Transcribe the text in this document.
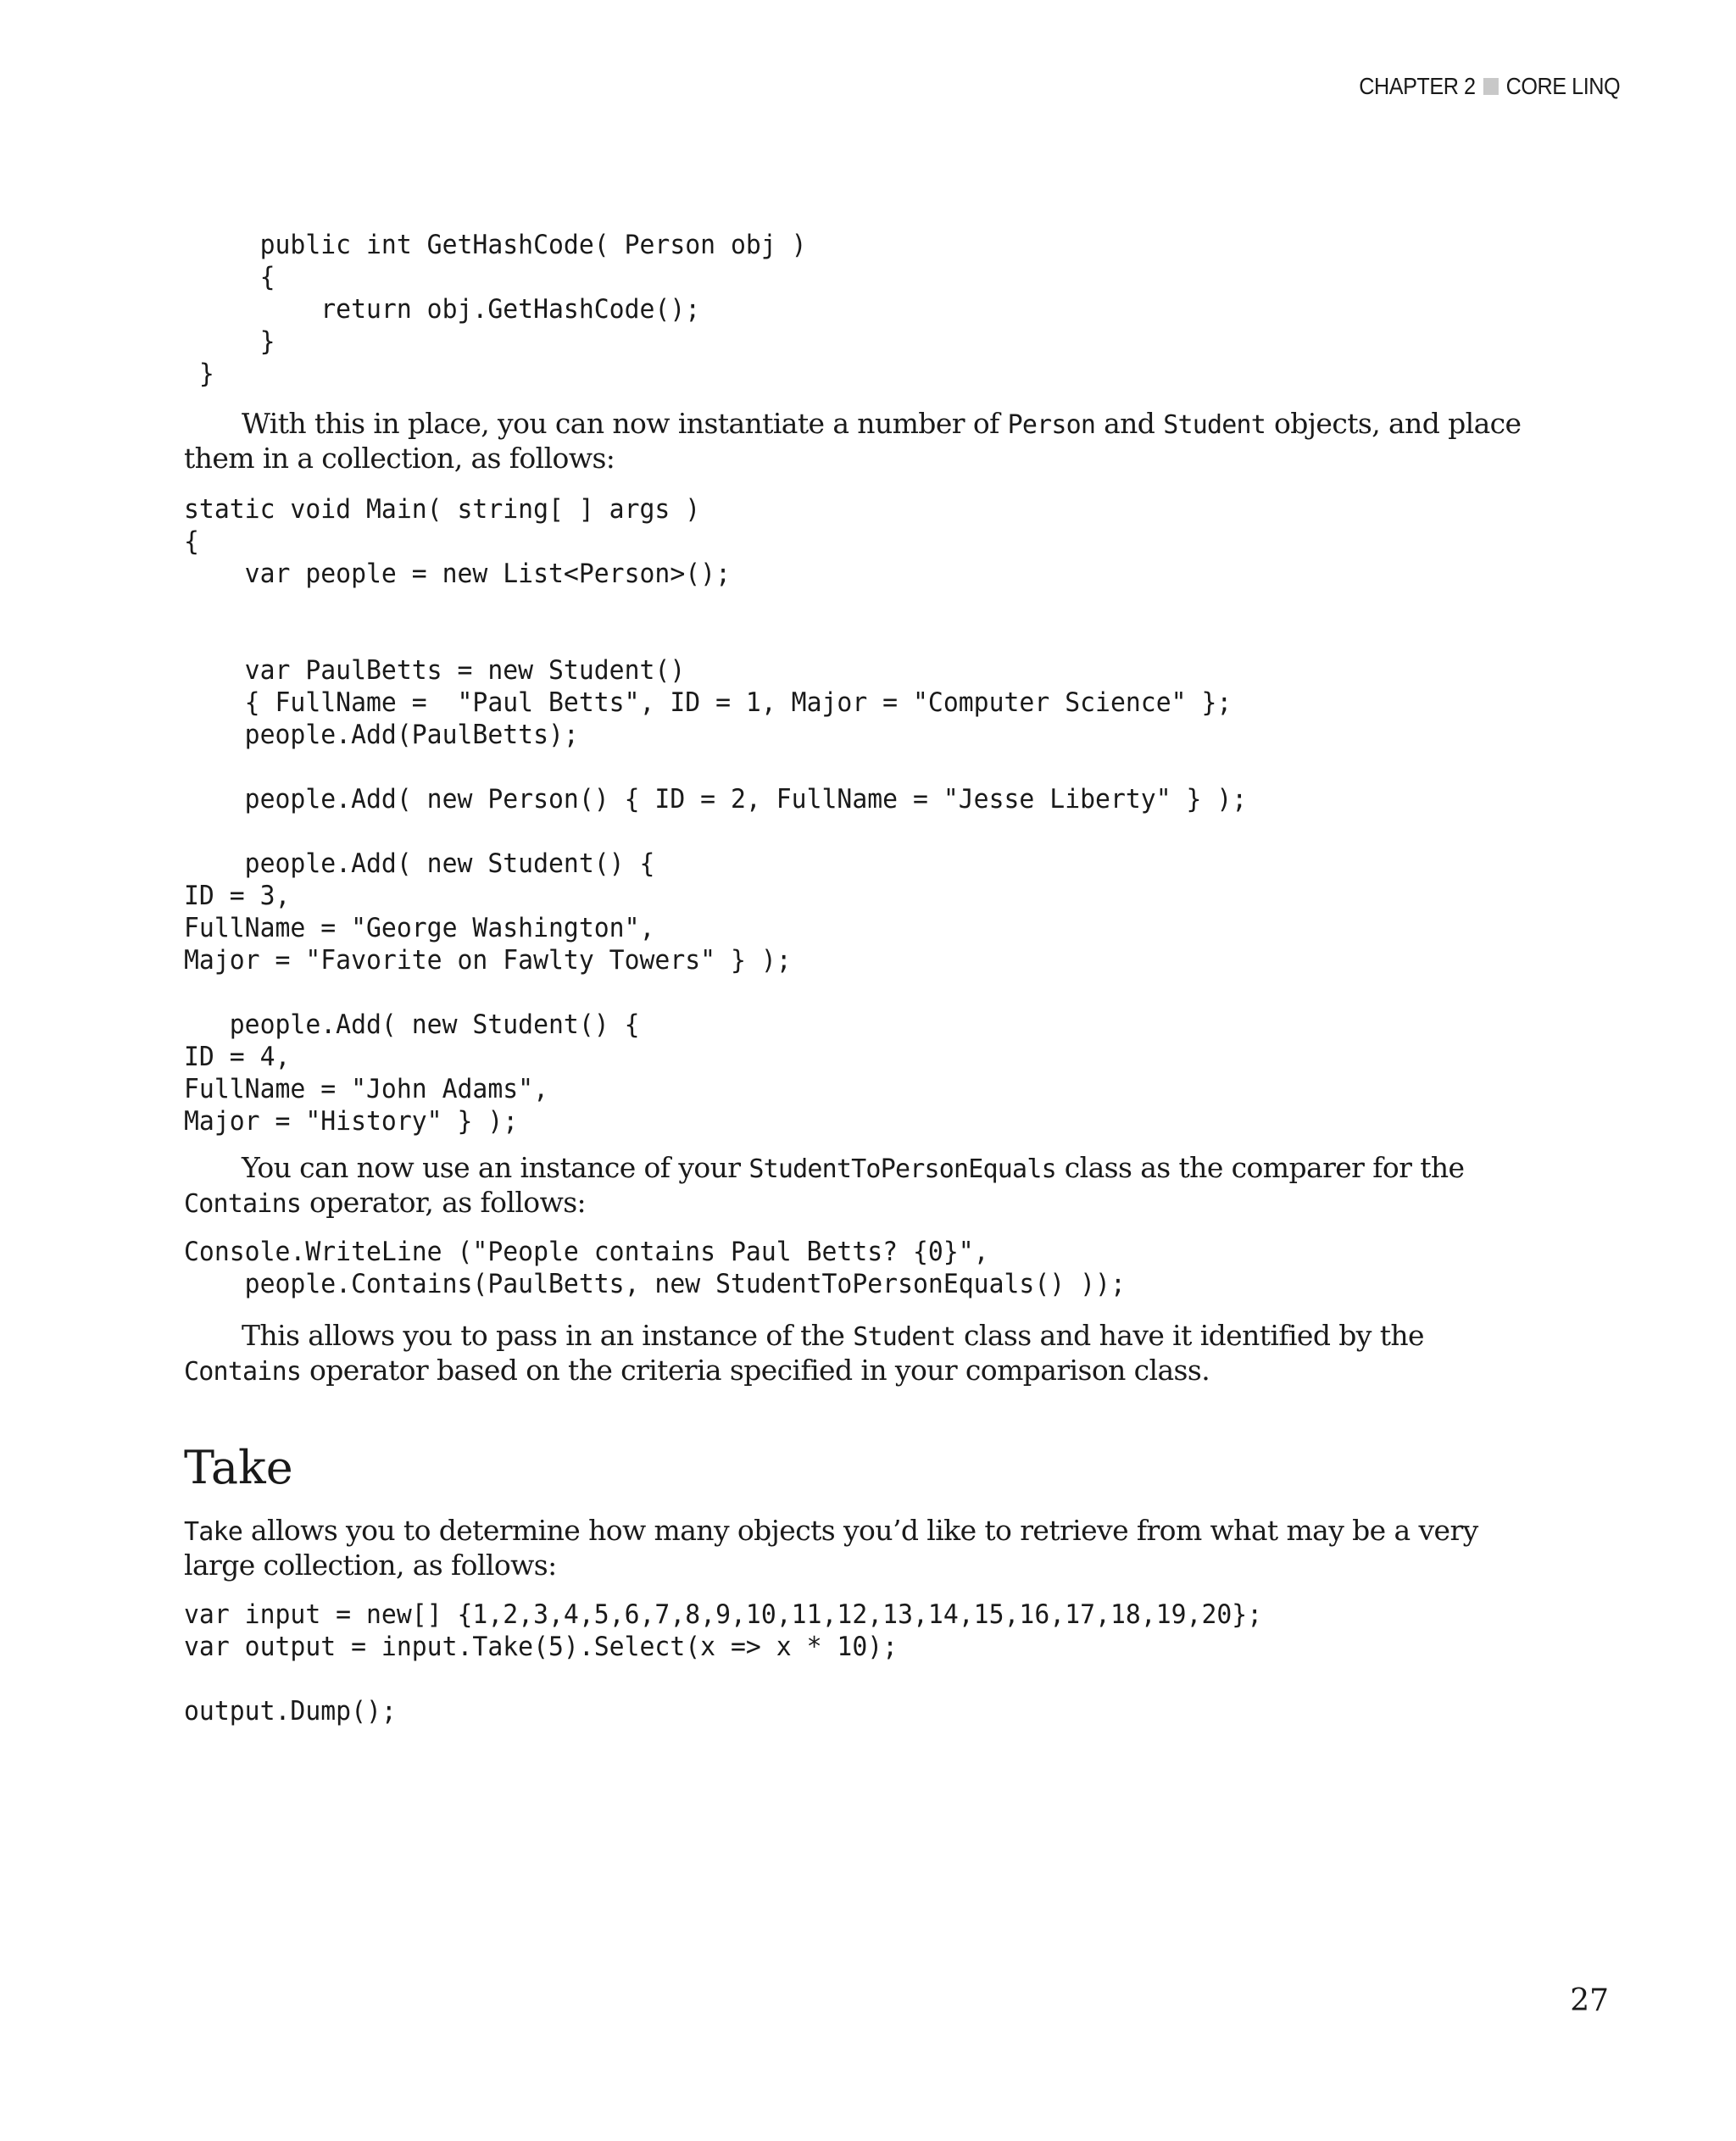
CHAPTER 2 CORE LINQ
public int GetHashCode( Person obj )
{
return obj.GetHashCode();
}
}

With this in place, you can now instantiate a number of Person and Student objects, and place them in a collection, as follows:

static void Main( string[ ] args )
{
var people = new List<Person>();

var PaulBetts = new Student()
{ FullName =  "Paul Betts", ID = 1, Major = "Computer Science" };
people.Add(PaulBetts);

people.Add( new Person() { ID = 2, FullName = "Jesse Liberty" } );

people.Add( new Student() {
ID = 3,
FullName = "George Washington",
Major = "Favorite on Fawlty Towers" } );

people.Add( new Student() {
ID = 4,
FullName = "John Adams",
Major = "History" } );

You can now use an instance of your StudentToPersonEquals class as the comparer for the Contains operator, as follows:

Console.WriteLine ("People contains Paul Betts? {0}",
people.Contains(PaulBetts, new StudentToPersonEquals() ));

This allows you to pass in an instance of the Student class and have it identified by the Contains operator based on the criteria specified in your comparison class.

Take

Take allows you to determine how many objects you’d like to retrieve from what may be a very large collection, as follows:

var input = new[] {1,2,3,4,5,6,7,8,9,10,11,12,13,14,15,16,17,18,19,20};
var output = input.Take(5).Select(x => x * 10);

output.Dump();
27
